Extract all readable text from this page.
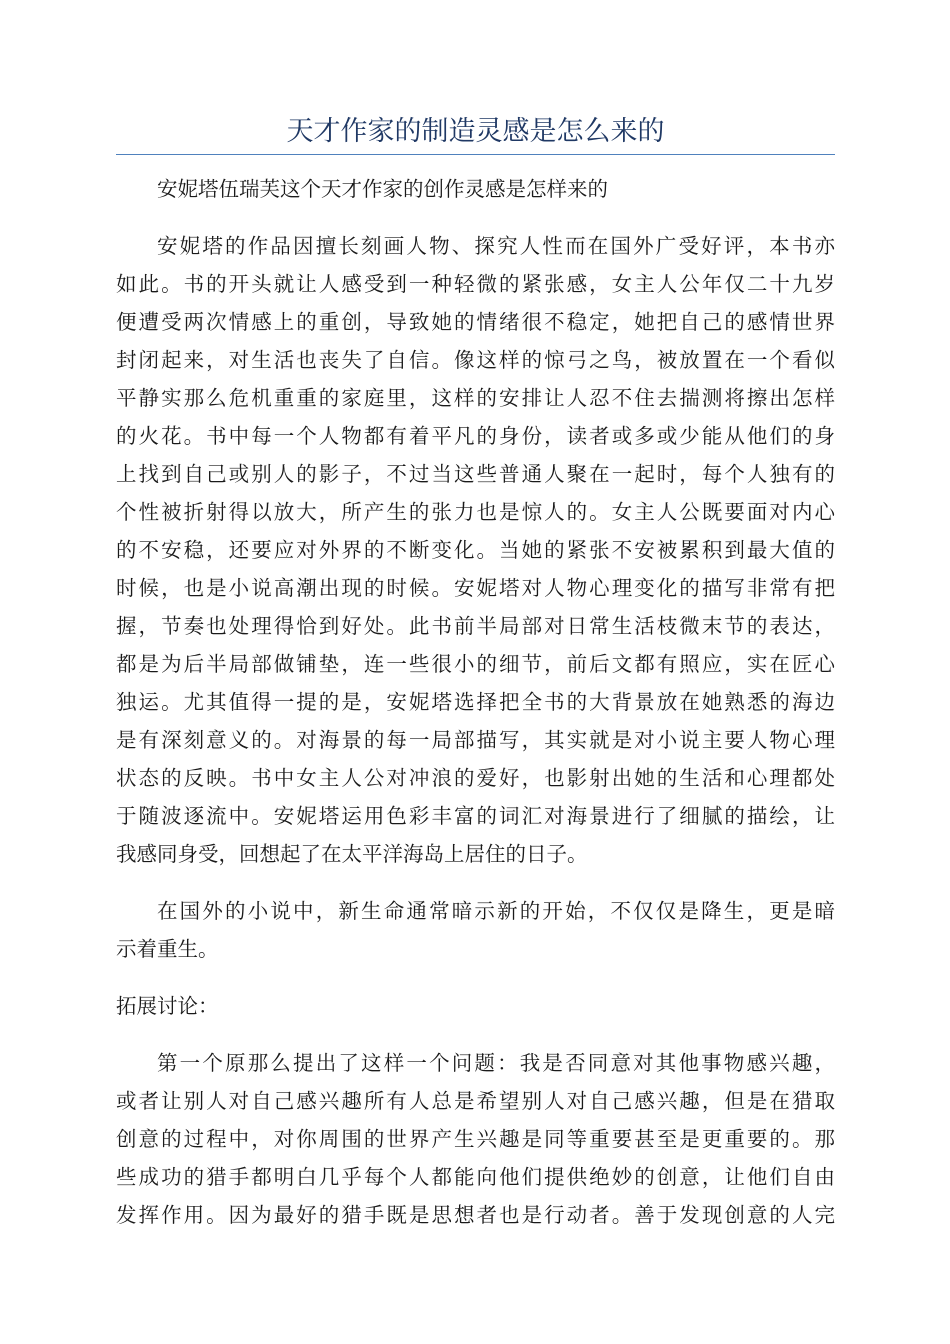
天才作家的制造灵感是怎么来的
安妮塔伍瑞芙这个天才作家的创作灵感是怎样来的
安妮塔的作品因擅长刻画人物、探究人性而在国外广受好评，本书亦
如此。书的开头就让人感受到一种轻微的紧张感，女主人公年仅二十九岁
便遭受两次情感上的重创，导致她的情绪很不稳定，她把自己的感情世界
封闭起来，对生活也丧失了自信。像这样的惊弓之鸟，被放置在一个看似
平静实那么危机重重的家庭里，这样的安排让人忍不住去揣测将擦出怎样
的火花。书中每一个人物都有着平凡的身份，读者或多或少能从他们的身
上找到自己或别人的影子，不过当这些普通人聚在一起时，每个人独有的
个性被折射得以放大，所产生的张力也是惊人的。女主人公既要面对内心
的不安稳，还要应对外界的不断变化。当她的紧张不安被累积到最大值的
时候，也是小说高潮出现的时候。安妮塔对人物心理变化的描写非常有把
握，节奏也处理得恰到好处。此书前半局部对日常生活枝微末节的表达，
都是为后半局部做铺垫，连一些很小的细节，前后文都有照应，实在匠心
独运。尤其值得一提的是，安妮塔选择把全书的大背景放在她熟悉的海边
是有深刻意义的。对海景的每一局部描写，其实就是对小说主要人物心理
状态的反映。书中女主人公对冲浪的爱好，也影射出她的生活和心理都处
于随波逐流中。安妮塔运用色彩丰富的词汇对海景进行了细腻的描绘，让
我感同身受，回想起了在太平洋海岛上居住的日子。
在国外的小说中，新生命通常暗示新的开始，不仅仅是降生，更是暗
示着重生。
拓展讨论：
第一个原那么提出了这样一个问题：我是否同意对其他事物感兴趣，
或者让别人对自己感兴趣所有人总是希望别人对自己感兴趣，但是在猎取
创意的过程中，对你周围的世界产生兴趣是同等重要甚至是更重要的。那
些成功的猎手都明白几乎每个人都能向他们提供绝妙的创意，让他们自由
发挥作用。因为最好的猎手既是思想者也是行动者。善于发现创意的人完
